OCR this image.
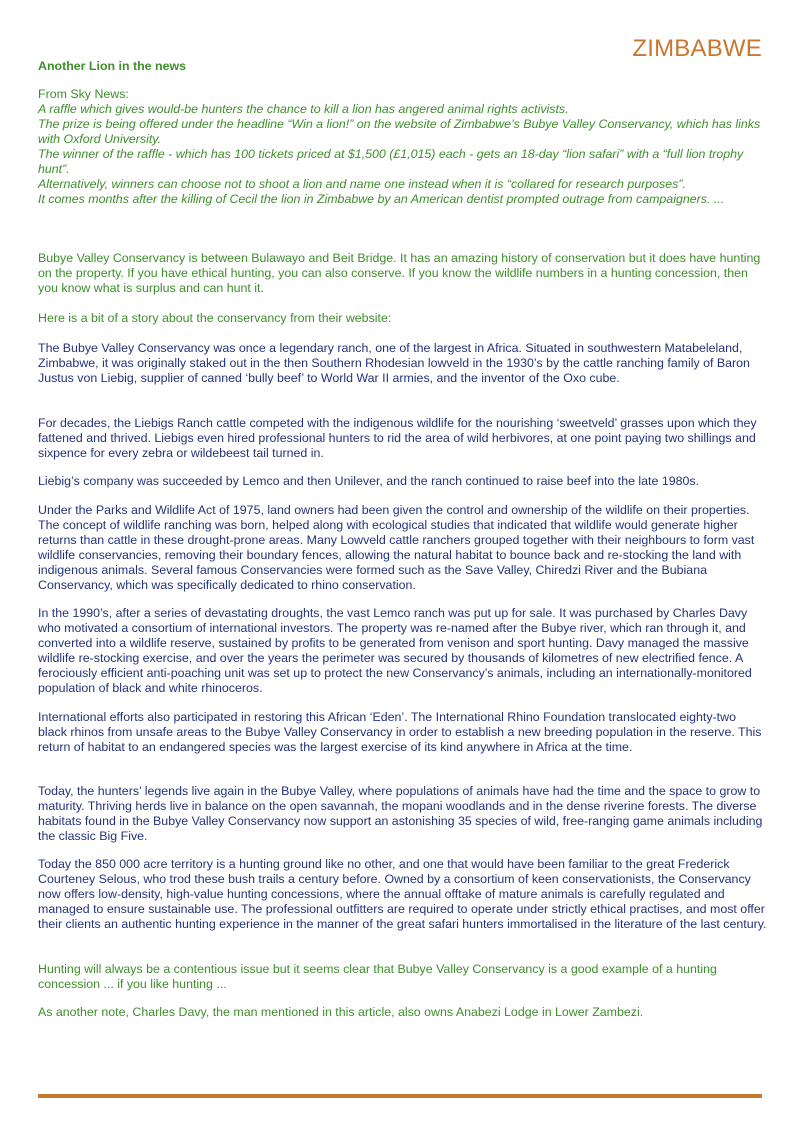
ZIMBABWE
Another Lion in the news
From Sky News:

A raffle which gives would-be hunters the chance to kill a lion has angered animal rights activists.

The prize is being offered under the headline “Win a lion!” on the website of Zimbabwe’s Bubye Valley Conservancy, which has links with Oxford University.

The winner of the raffle - which has 100 tickets priced at $1,500 (£1,015) each - gets an 18-day “lion safari” with a “full lion trophy hunt”.

Alternatively, winners can choose not to shoot a lion and name one instead when it is “collared for research purposes”.

It comes months after the killing of Cecil the lion in Zimbabwe by an American dentist prompted outrage from campaigners. ...

Bubye Valley Conservancy is between Bulawayo and Beit Bridge. It has an amazing history of conservation but it does have hunting on the property. If you have ethical hunting, you can also conserve. If you know the wildlife numbers in a hunting concession, then you know what is surplus and can hunt it.

Here is a bit of a story about the conservancy from their website:

The Bubye Valley Conservancy was once a legendary ranch, one of the largest in Africa. Situated in southwestern Matabeleland, Zimbabwe, it was originally staked out in the then Southern Rhodesian lowveld in the 1930’s by the cattle ranching family of Baron Justus von Liebig, supplier of canned ‘bully beef’ to World War II armies, and the inventor of the Oxo cube.

For decades, the Liebigs Ranch cattle competed with the indigenous wildlife for the nourishing ‘sweetveld’ grasses upon which they fattened and thrived. Liebigs even hired professional hunters to rid the area of wild herbivores, at one point paying two shillings and sixpence for every zebra or wildebeest tail turned in.

Liebig’s company was succeeded by Lemco and then Unilever, and the ranch continued to raise beef into the late 1980s.

Under the Parks and Wildlife Act of 1975, land owners had been given the control and ownership of the wildlife on their properties. The concept of wildlife ranching was born, helped along with ecological studies that indicated that wildlife would generate higher returns than cattle in these drought-prone areas. Many Lowveld cattle ranchers grouped together with their neighbours to form vast wildlife conservancies, removing their boundary fences, allowing the natural habitat to bounce back and re-stocking the land with indigenous animals. Several famous Conservancies were formed such as the Save Valley, Chiredzi River and the Bubiana Conservancy, which was specifically dedicated to rhino conservation.

In the 1990’s, after a series of devastating droughts, the vast Lemco ranch was put up for sale. It was purchased by Charles Davy who motivated a consortium of international investors. The property was re-named after the Bubye river, which ran through it, and converted into a wildlife reserve, sustained by profits to be generated from venison and sport hunting. Davy managed the massive wildlife re-stocking exercise, and over the years the perimeter was secured by thousands of kilometres of new electrified fence. A ferociously efficient anti-poaching unit was set up to protect the new Conservancy’s animals, including an internationally-monitored population of black and white rhinoceros.

International efforts also participated in restoring this African ‘Eden’. The International Rhino Foundation translocated eighty-two black rhinos from unsafe areas to the Bubye Valley Conservancy in order to establish a new breeding population in the reserve. This return of habitat to an endangered species was the largest exercise of its kind anywhere in Africa at the time.

Today, the hunters’ legends live again in the Bubye Valley, where populations of animals have had the time and the space to grow to maturity. Thriving herds live in balance on the open savannah, the mopani woodlands and in the dense riverine forests. The diverse habitats found in the Bubye Valley Conservancy now support an astonishing 35 species of wild, free-ranging game animals including the classic Big Five.

Today the 850 000 acre territory is a hunting ground like no other, and one that would have been familiar to the great Frederick Courteney Selous, who trod these bush trails a century before. Owned by a consortium of keen conservationists, the Conservancy now offers low-density, high-value hunting concessions, where the annual offtake of mature animals is carefully regulated and managed to ensure sustainable use. The professional outfitters are required to operate under strictly ethical practises, and most offer their clients an authentic hunting experience in the manner of the great safari hunters immortalised in the literature of the last century.

Hunting will always be a contentious issue but it seems clear that Bubye Valley Conservancy is a good example of a hunting concession ... if you like hunting ...

As another note, Charles Davy, the man mentioned in this article, also owns Anabezi Lodge in Lower Zambezi.
